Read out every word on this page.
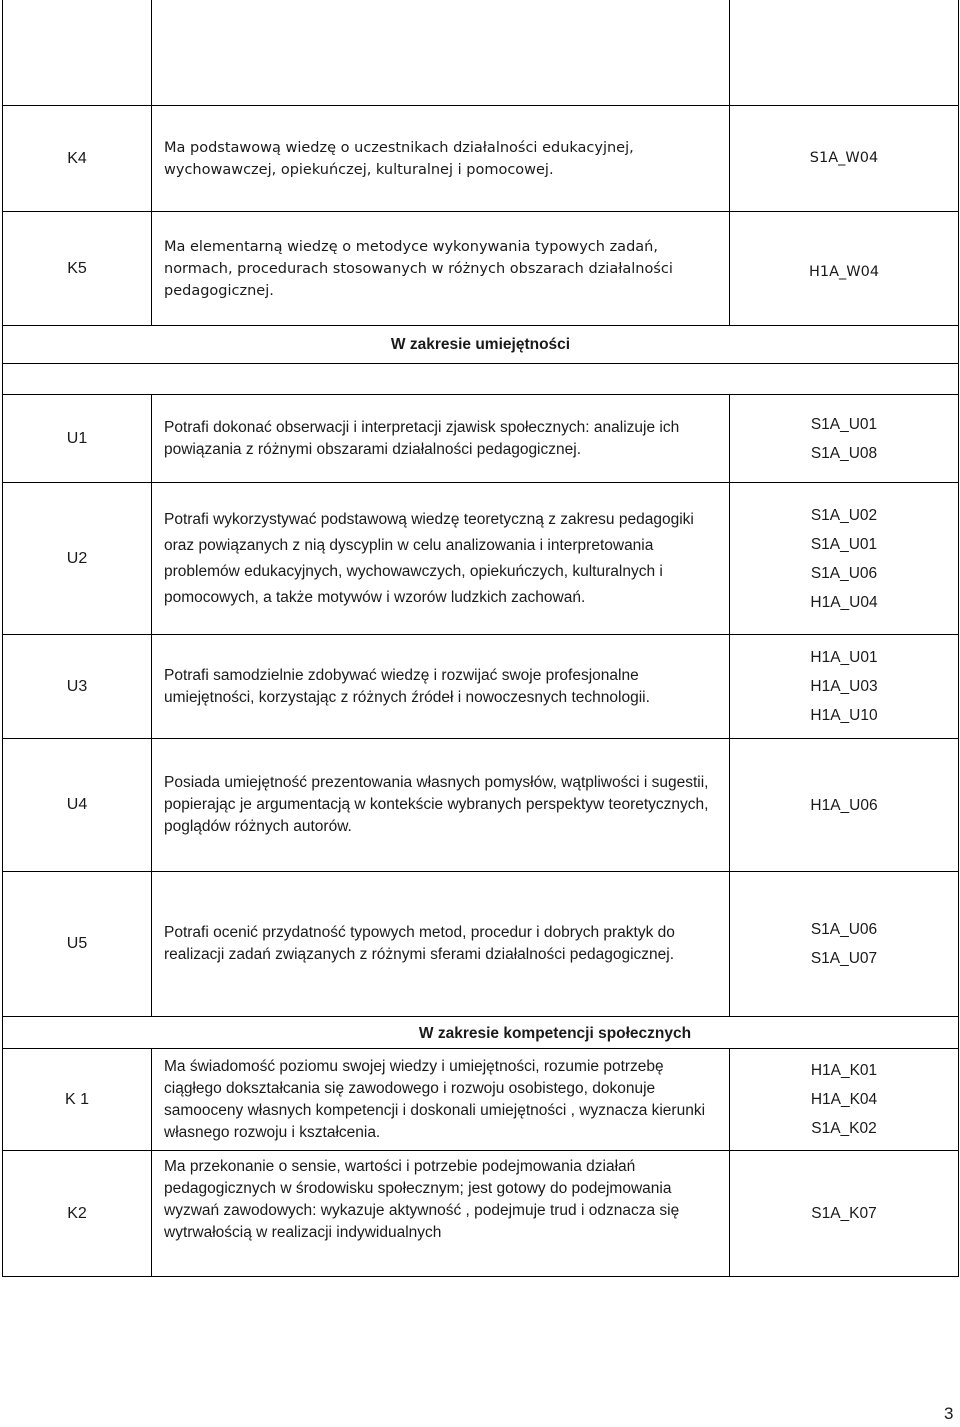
K4
Ma podstawową wiedzę o uczestnikach działalności edukacyjnej, wychowawczej, opiekuńczej, kulturalnej i pomocowej.
S1A_W04
K5
Ma elementarną wiedzę o metodyce wykonywania typowych zadań, normach, procedurach stosowanych w różnych obszarach działalności pedagogicznej.
H1A_W04
W zakresie umiejętności
U1
Potrafi dokonać obserwacji i interpretacji zjawisk społecznych: analizuje ich powiązania z różnymi obszarami działalności pedagogicznej.
S1A_U01
S1A_U08
U2
Potrafi wykorzystywać podstawową wiedzę teoretyczną z zakresu pedagogiki oraz powiązanych z nią dyscyplin w celu analizowania i interpretowania problemów edukacyjnych, wychowawczych, opiekuńczych, kulturalnych i pomocowych, a także motywów i wzorów ludzkich zachowań.
S1A_U02
S1A_U01
S1A_U06
H1A_U04
U3
Potrafi samodzielnie zdobywać wiedzę i rozwijać swoje profesjonalne umiejętności, korzystając z różnych źródeł i nowoczesnych technologii.
H1A_U01
H1A_U03
H1A_U10
U4
Posiada umiejętność prezentowania własnych pomysłów, wątpliwości i sugestii, popierając je argumentacją w kontekście wybranych perspektyw teoretycznych, poglądów różnych autorów.
H1A_U06
U5
Potrafi ocenić przydatność typowych metod, procedur i dobrych praktyk do realizacji zadań związanych z różnymi sferami działalności pedagogicznej.
S1A_U06
S1A_U07
W zakresie kompetencji społecznych
K 1
Ma świadomość poziomu swojej wiedzy i umiejętności, rozumie potrzebę ciągłego dokształcania się zawodowego i rozwoju osobistego, dokonuje samooceny własnych kompetencji i doskonali umiejętności , wyznacza kierunki własnego rozwoju i kształcenia.
H1A_K01
H1A_K04
S1A_K02
K2
Ma przekonanie o sensie, wartości i potrzebie podejmowania działań pedagogicznych w środowisku społecznym; jest gotowy do podejmowania wyzwań zawodowych: wykazuje aktywność , podejmuje trud i odznacza się wytrwałością w realizacji indywidualnych
S1A_K07
3
